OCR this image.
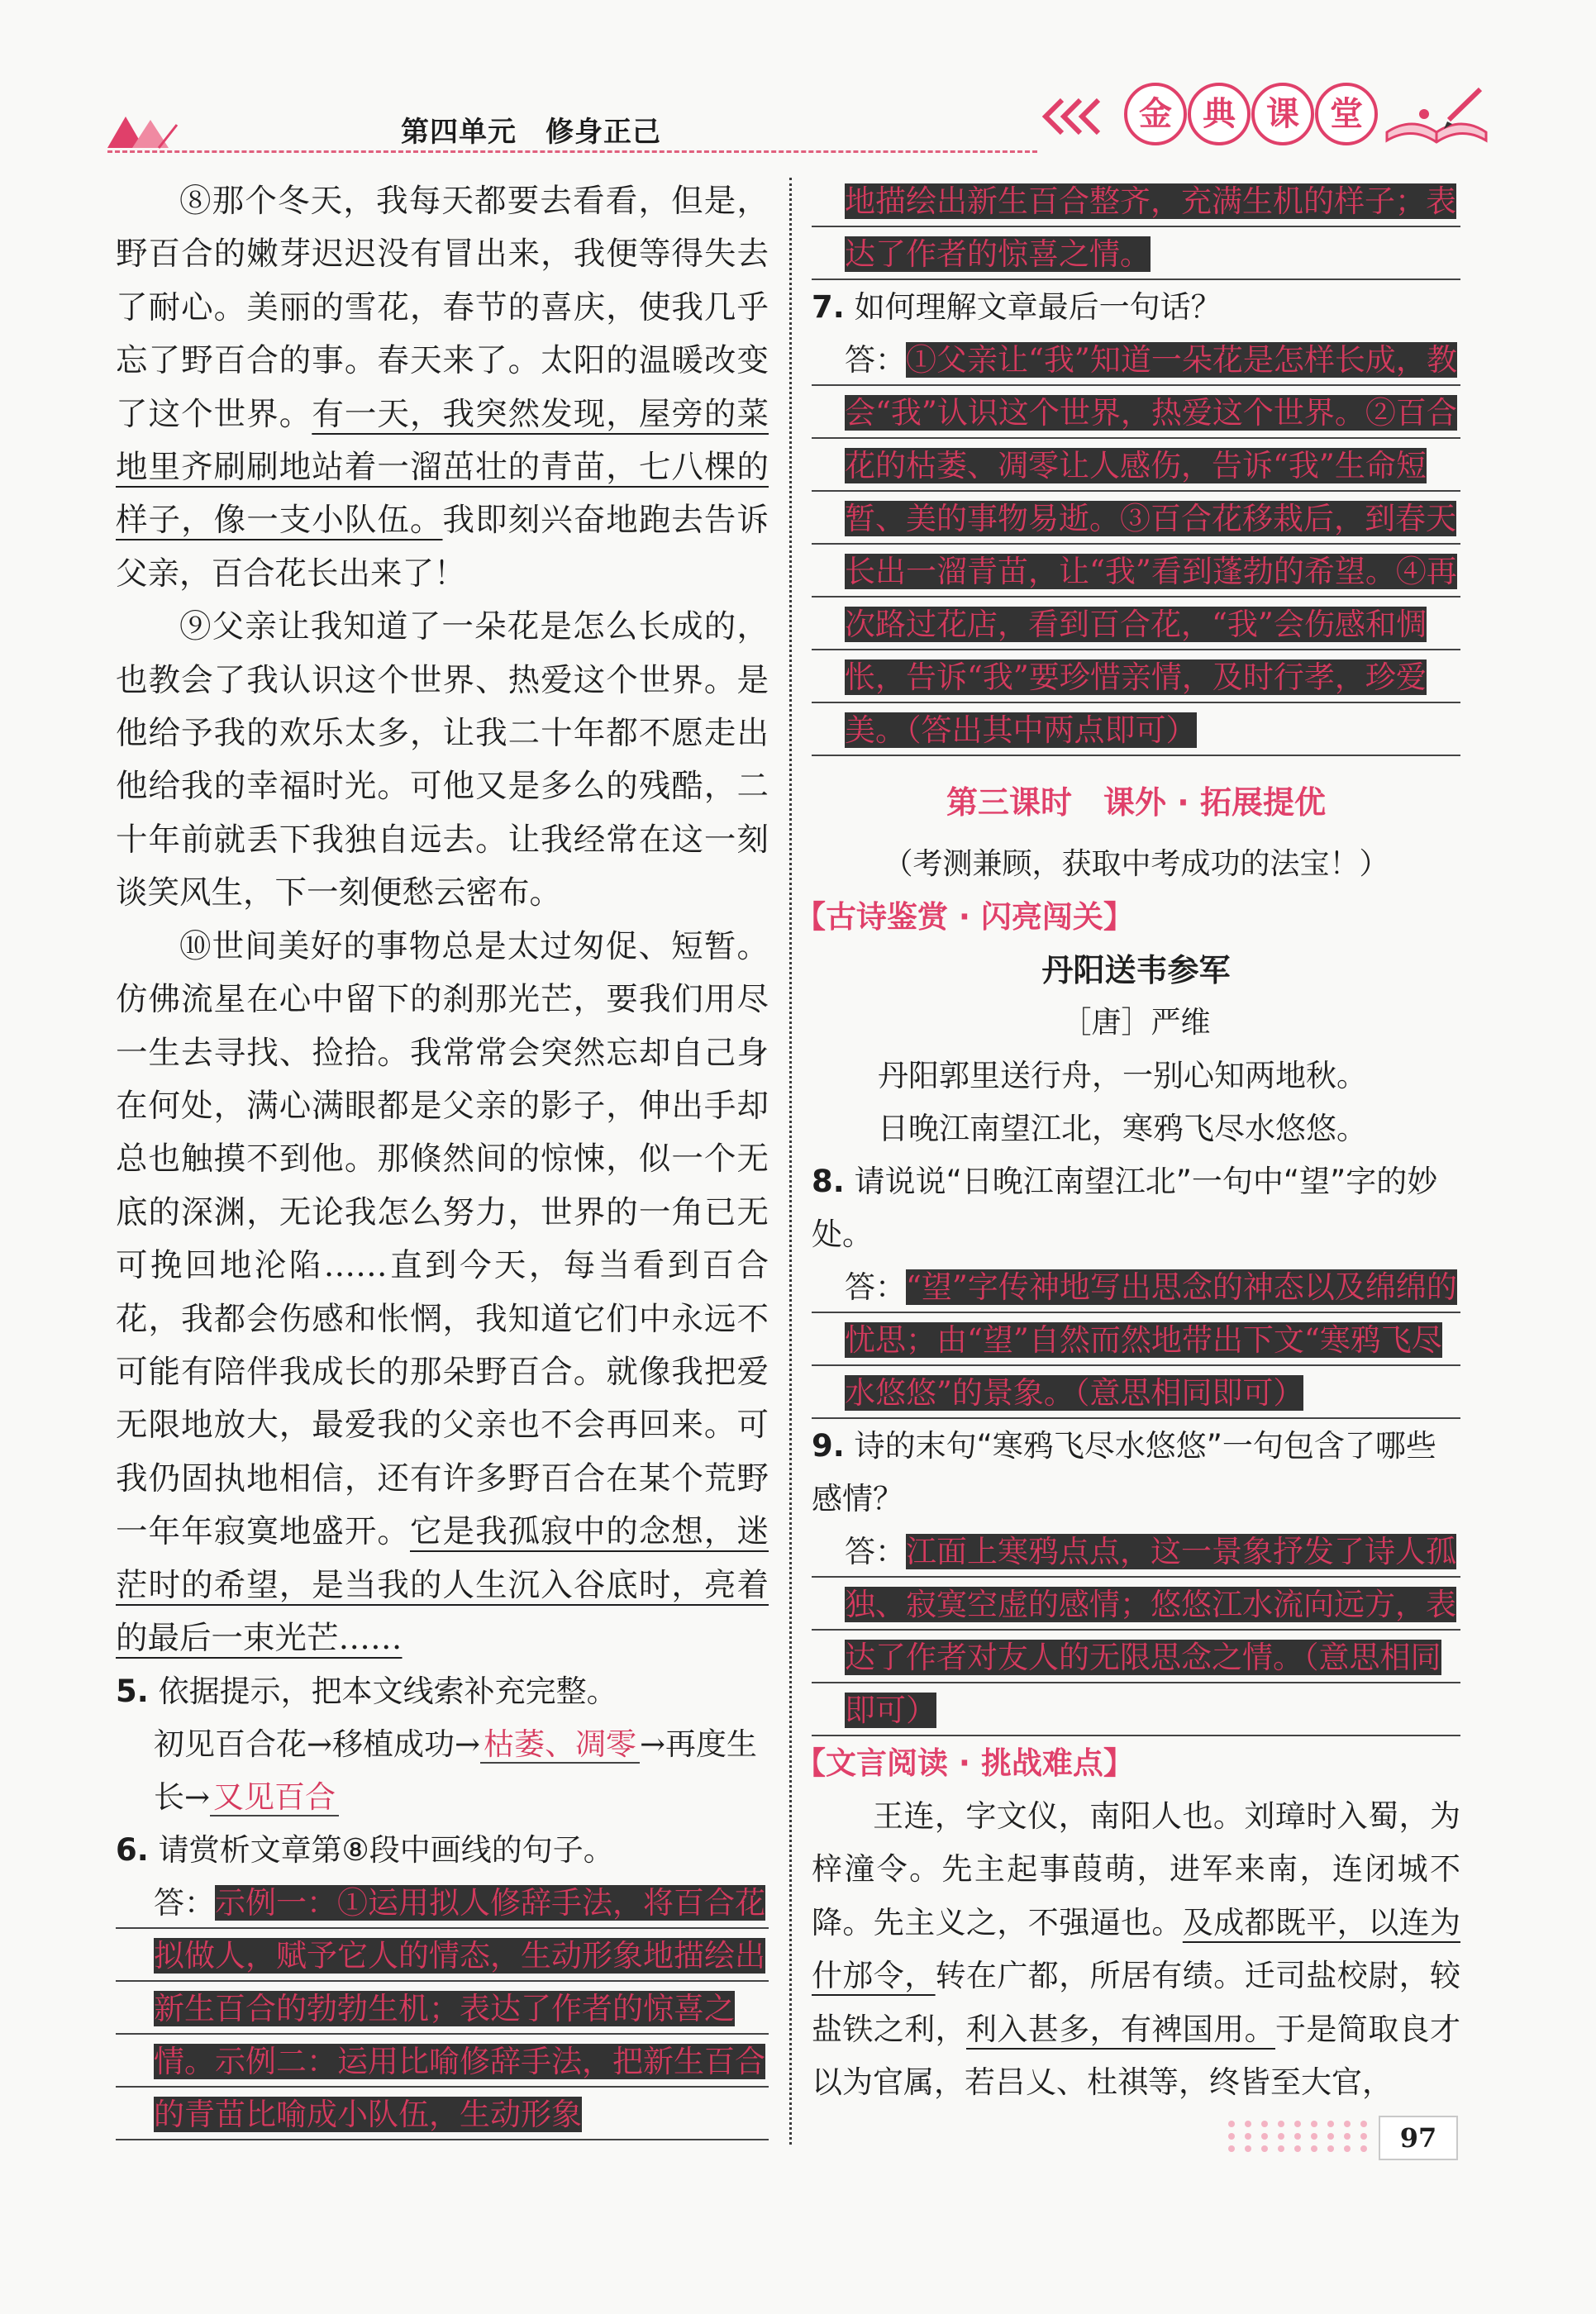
第四单元　修身正己	金 典 课 堂

⑧那个冬天，我每天都要去看看，但是，野百合的嫩芽迟迟没有冒出来，我便等得失去了耐心。美丽的雪花，春节的喜庆，使我几乎忘了野百合的事。春天来了。太阳的温暖改变了这个世界。有一天，我突然发现，屋旁的菜地里齐刷刷地站着一溜茁壮的青苗，七八棵的样子，像一支小队伍。我即刻兴奋地跑去告诉父亲，百合花长出来了！

⑨父亲让我知道了一朵花是怎么长成的，也教会了我认识这个世界、热爱这个世界。是他给予我的欢乐太多，让我二十年都不愿走出他给我的幸福时光。可他又是多么的残酷，二十年前就丢下我独自远去。让我经常在这一刻谈笑风生，下一刻便愁云密布。

⑩世间美好的事物总是太过匆促、短暂。仿佛流星在心中留下的刹那光芒，要我们用尽一生去寻找、捡拾。我常常会突然忘却自己身在何处，满心满眼都是父亲的影子，伸出手却总也触摸不到他。那倏然间的惊悚，似一个无底的深渊，无论我怎么努力，世界的一角已无可挽回地沦陷……直到今天，每当看到百合花，我都会伤感和怅惘，我知道它们中永远不可能有陪伴我成长的那朵野百合。就像我把爱无限地放大，最爱我的父亲也不会再回来。可我仍固执地相信，还有许多野百合在某个荒野一年年寂寞地盛开。它是我孤寂中的念想，迷茫时的希望，是当我的人生沉入谷底时，亮着的最后一束光芒……

5. 依据提示，把本文线索补充完整。

初见百合花→移植成功→ 枯萎、凋零 →再度生长→ 又见百合

6. 请赏析文章第⑧段中画线的句子。

答：示例一：①运用拟人修辞手法，将百合花拟做人，赋予它人的情态，生动形象地描绘出新生百合的勃勃生机；表达了作者的惊喜之情。示例二：运用比喻修辞手法，把新生百合的青苗比喻成小队伍，生动形象

地描绘出新生百合整齐，充满生机的样子；表达了作者的惊喜之情。

7. 如何理解文章最后一句话？

答：①父亲让“我”知道一朵花是怎样长成，教会“我”认识这个世界，热爱这个世界。②百合花的枯萎、凋零让人感伤，告诉“我”生命短暂、美的事物易逝。③百合花移栽后，到春天长出一溜青苗，让“我”看到蓬勃的希望。④再次路过花店，看到百合花，“我”会伤感和惆怅，告诉“我”要珍惜亲情，及时行孝，珍爱美。（答出其中两点即可）

第三课时　课外 · 拓展提优

（考测兼顾，获取中考成功的法宝！）

【古诗鉴赏 · 闪亮闯关】

丹阳送韦参军

［唐］严维

丹阳郭里送行舟，一别心知两地秋。

日晚江南望江北，寒鸦飞尽水悠悠。

8. 请说说“日晚江南望江北”一句中“望”字的妙处。

答：“望”字传神地写出思念的神态以及绵绵的忧思；由“望”自然而然地带出下文“寒鸦飞尽水悠悠”的景象。（意思相同即可）

9. 诗的末句“寒鸦飞尽水悠悠”一句包含了哪些感情？

答：江面上寒鸦点点，这一景象抒发了诗人孤独、寂寞空虚的感情；悠悠江水流向远方，表达了作者对友人的无限思念之情。（意思相同即可）

【文言阅读 · 挑战难点】

王连，字文仪，南阳人也。刘璋时入蜀，为梓潼令。先主起事葭萌，进军来南，连闭城不降。先主义之，不强逼也。及成都既平，以连为什邡令，转在广都，所居有绩。迁司盐校尉，较盐铁之利，利入甚多，有裨国用。于是简取良才以为官属，若吕乂、杜祺等，终皆至大官，

97
